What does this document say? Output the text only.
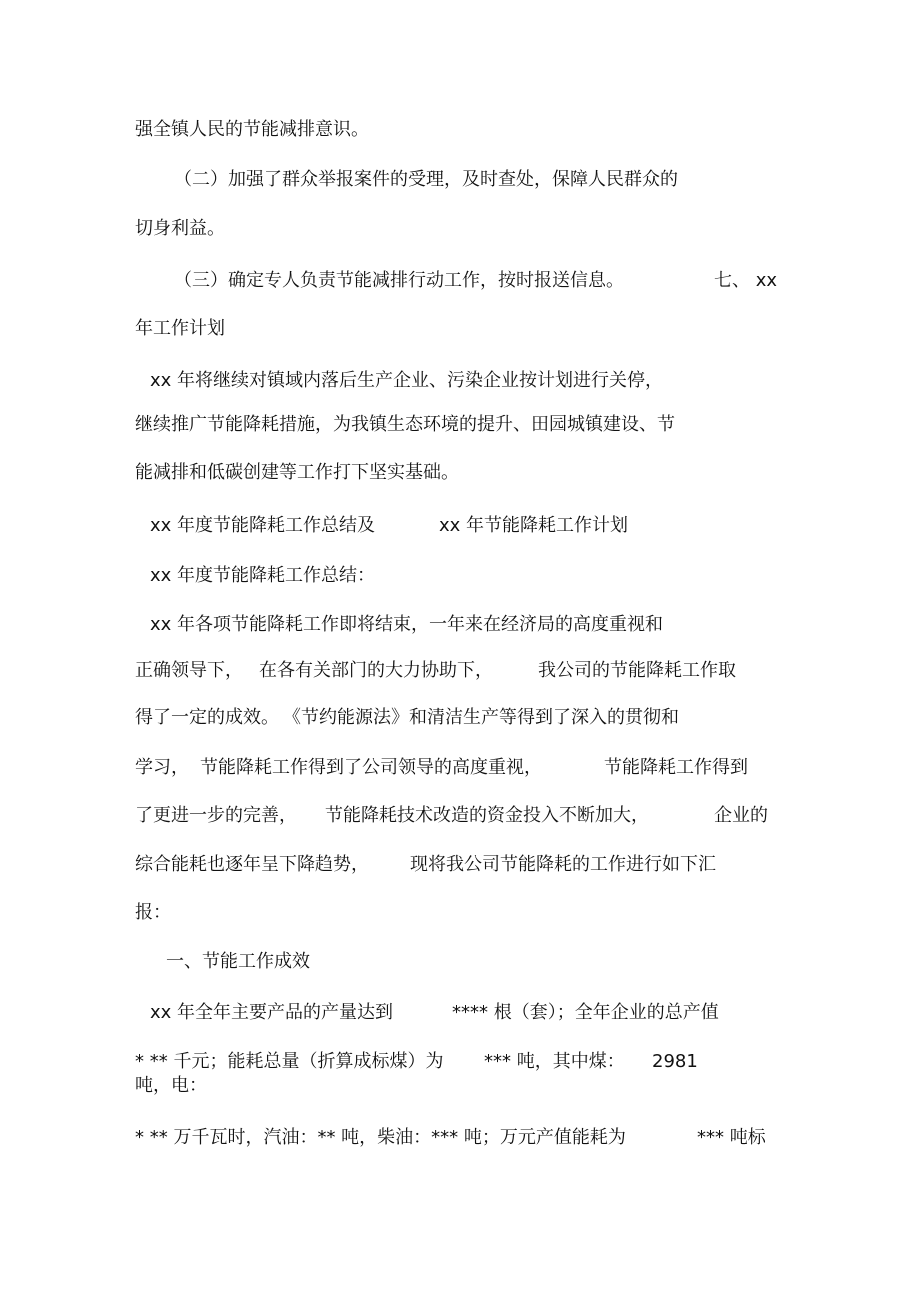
强全镇人民的节能减排意识。
（二）加强了群众举报案件的受理，及时查处，保障人民群众的
切身利益。
（三）确定专人负责节能减排行动工作，按时报送信息。	七、 xx
年工作计划
xx 年将继续对镇域内落后生产企业、污染企业按计划进行关停，
继续推广节能降耗措施，为我镇生态环境的提升、田园城镇建设、节
能减排和低碳创建等工作打下坚实基础。
xx 年度节能降耗工作总结及	xx 年节能降耗工作计划
xx 年度节能降耗工作总结：
xx 年各项节能降耗工作即将结束，一年来在经济局的高度重视和
正确领导下， 在各有关部门的大力协助下，	我公司的节能降耗工作取
得了一定的成效。 《节约能源法》和清洁生产等得到了深入的贯彻和
学习， 节能降耗工作得到了公司领导的高度重视，	节能降耗工作得到
了更进一步的完善， 节能降耗技术改造的资金投入不断加大，	企业的
综合能耗也逐年呈下降趋势， 现将我公司节能降耗的工作进行如下汇
报：
一、节能工作成效
xx 年全年主要产品的产量达到	**** 根（套）；全年企业的总产值
* ** 千元；能耗总量（折算成标煤）为 *** 吨，其中煤： 2981
吨，电：
* ** 万千瓦时，汽油：** 吨，柴油：*** 吨；万元产值能耗为	*** 吨标
